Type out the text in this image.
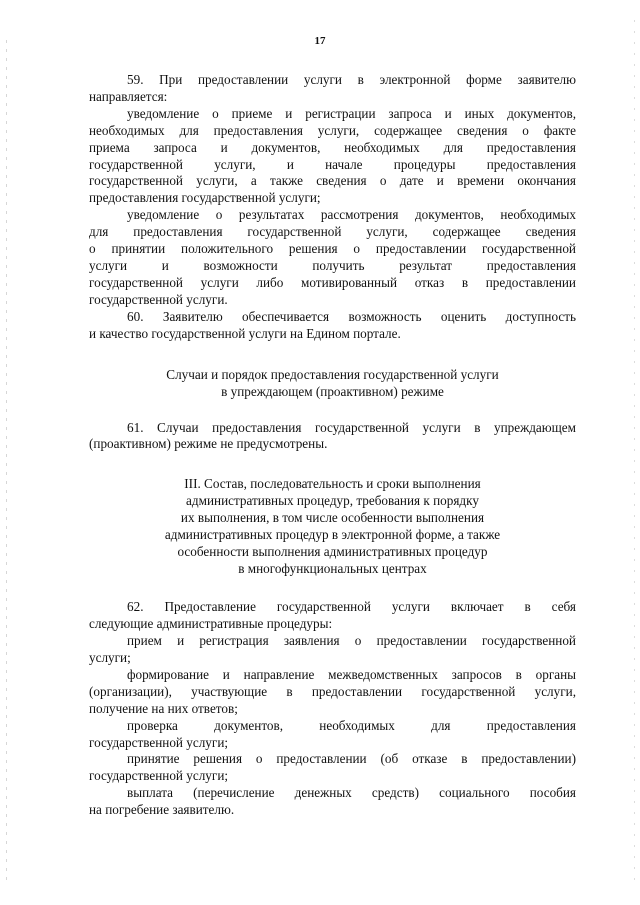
17

59. При предоставлении услуги в электронной форме заявителю
направляется:

уведомление о приеме и регистрации запроса и иных документов,
необходимых для предоставления услуги, содержащее сведения о факте
приема запроса и документов, необходимых для предоставления
государственной услуги, и начале процедуры предоставления
государственной услуги, а также сведения о дате и времени окончания
предоставления государственной услуги;

уведомление о результатах рассмотрения документов, необходимых
для предоставления государственной услуги, содержащее сведения
о принятии положительного решения о предоставлении государственной
услуги и возможности получить результат предоставления
государственной услуги либо мотивированный отказ в предоставлении
государственной услуги.

60. Заявителю обеспечивается возможность оценить доступность
и качество государственной услуги на Едином портале.

Случаи и порядок предоставления государственной услуги
в упреждающем (проактивном) режиме

61. Случаи предоставления государственной услуги в упреждающем
(проактивном) режиме не предусмотрены.

III. Состав, последовательность и сроки выполнения
административных процедур, требования к порядку
их выполнения, в том числе особенности выполнения
административных процедур в электронной форме, а также
особенности выполнения административных процедур
в многофункциональных центрах

62. Предоставление государственной услуги включает в себя
следующие административные процедуры:

прием и регистрация заявления о предоставлении государственной
услуги;

формирование и направление межведомственных запросов в органы
(организации), участвующие в предоставлении государственной услуги,
получение на них ответов;

проверка документов, необходимых для предоставления
государственной услуги;

принятие решения о предоставлении (об отказе в предоставлении)
государственной услуги;

выплата (перечисление денежных средств) социального пособия
на погребение заявителю.
